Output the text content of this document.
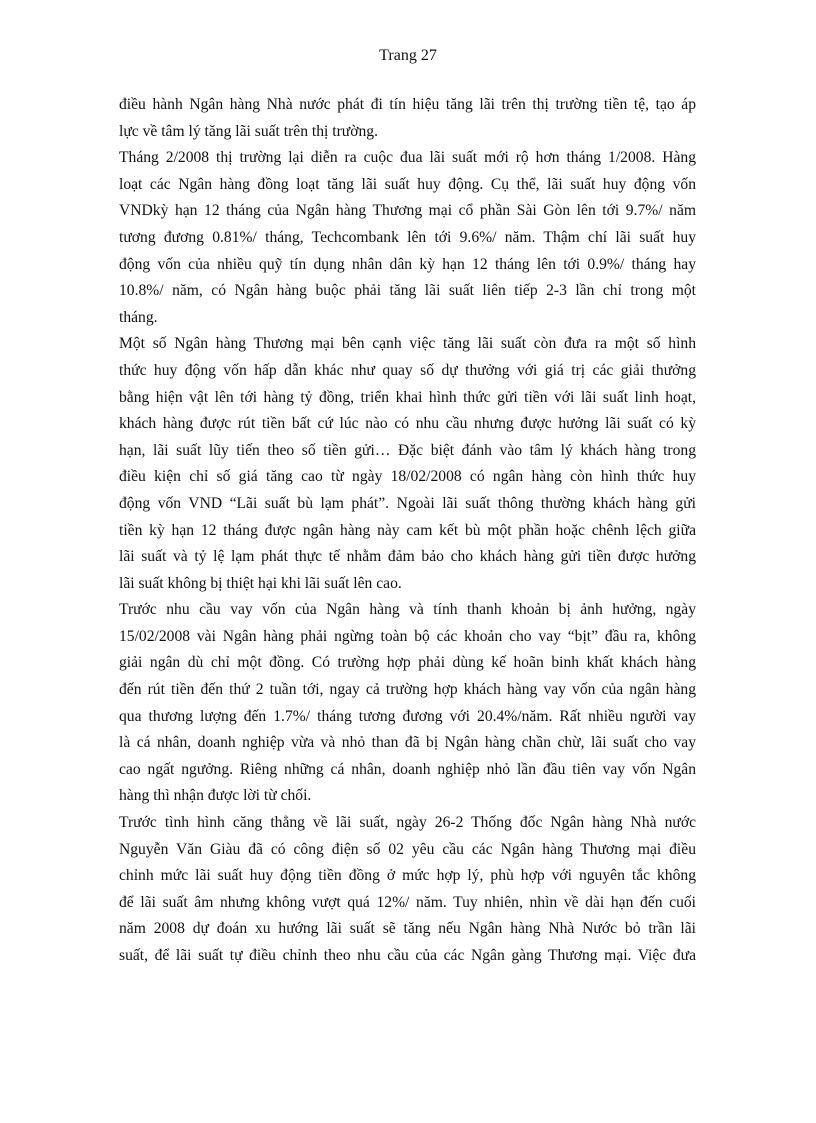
Trang 27
điều hành Ngân hàng Nhà nước phát đi tín hiệu tăng lãi trên thị trường tiền tệ, tạo áp
lực về tâm lý tăng lãi suất trên thị trường.
Tháng 2/2008 thị trường lại diễn ra cuộc đua lãi suất mới rộ hơn tháng 1/2008. Hàng
loạt các Ngân hàng đồng loạt tăng lãi suất huy động. Cụ thể, lãi suất huy động vốn
VNDkỳ hạn 12 tháng của Ngân hàng Thương mại cổ phần Sài Gòn lên tới 9.7%/ năm
tương đương 0.81%/ tháng, Techcombank lên tới 9.6%/ năm. Thậm chí lãi suất huy
động vốn của nhiều quỹ tín dụng nhân dân kỳ hạn 12 tháng lên tới 0.9%/ tháng hay
10.8%/ năm, có Ngân hàng buộc phải tăng lãi suất liên tiếp 2-3 lần chỉ trong một
tháng.
Một số Ngân hàng Thương mại bên cạnh việc tăng lãi suất còn đưa ra một số hình
thức huy động vốn hấp dẫn khác như quay số dự thưởng với giá trị các giải thưởng
bằng hiện vật lên tới hàng tỷ đồng, triển khai hình thức gửi tiền với lãi suất linh hoạt,
khách hàng được rút tiền bất cứ lúc nào có nhu cầu nhưng được hưởng lãi suất có kỳ
hạn, lãi suất lũy tiến theo số tiền gửi… Đặc biệt đánh vào tâm lý khách hàng trong
điều kiện chỉ số giá tăng cao từ ngày 18/02/2008 có ngân hàng còn hình thức huy
động vốn VND “Lãi suất bù lạm phát”. Ngoài lãi suất thông thường khách hàng gửi
tiền kỳ hạn 12 tháng được ngân hàng này cam kết bù một phần hoặc chênh lệch giữa
lãi suất và tỷ lệ lạm phát thực tế nhằm đảm bảo cho khách hàng gửi tiền được hưởng
lãi suất không bị thiệt hại khi lãi suất lên cao.
Trước nhu cầu vay vốn của Ngân hàng và tính thanh khoản bị ảnh hưởng, ngày
15/02/2008 vài Ngân hàng phải ngừng toàn bộ các khoản cho vay “bịt” đầu ra, không
giải ngân dù chỉ một đồng. Có trường hợp phải dùng kế hoãn binh khất khách hàng
đến rút tiền đến thứ 2 tuần tới, ngay cả trường hợp khách hàng vay vốn của ngân hàng
qua thương lượng đến 1.7%/ tháng tương đương với 20.4%/năm. Rất nhiều người vay
là cá nhân, doanh nghiệp vừa và nhỏ than đã bị Ngân hàng chần chừ, lãi suất cho vay
cao ngất ngưởng. Riêng những cá nhân, doanh nghiệp nhỏ lần đầu tiên vay vốn Ngân
hàng thì nhận được lời từ chối.
Trước tình hình căng thẳng về lãi suất, ngày 26-2 Thống đốc Ngân hàng Nhà nước
Nguyễn Văn Giàu đã có công điện số 02 yêu cầu các Ngân hàng Thương mại điều
chỉnh mức lãi suất huy động tiền đồng ở mức hợp lý, phù hợp với nguyên tắc không
để lãi suất âm nhưng không vượt quá 12%/ năm. Tuy nhiên, nhìn về dài hạn đến cuối
năm 2008 dự đoán xu hướng lãi suất sẽ tăng nếu Ngân hàng Nhà Nước bỏ trần lãi
suất, để lãi suất tự điều chỉnh theo nhu cầu của các Ngân gàng Thương mại. Việc đưa
